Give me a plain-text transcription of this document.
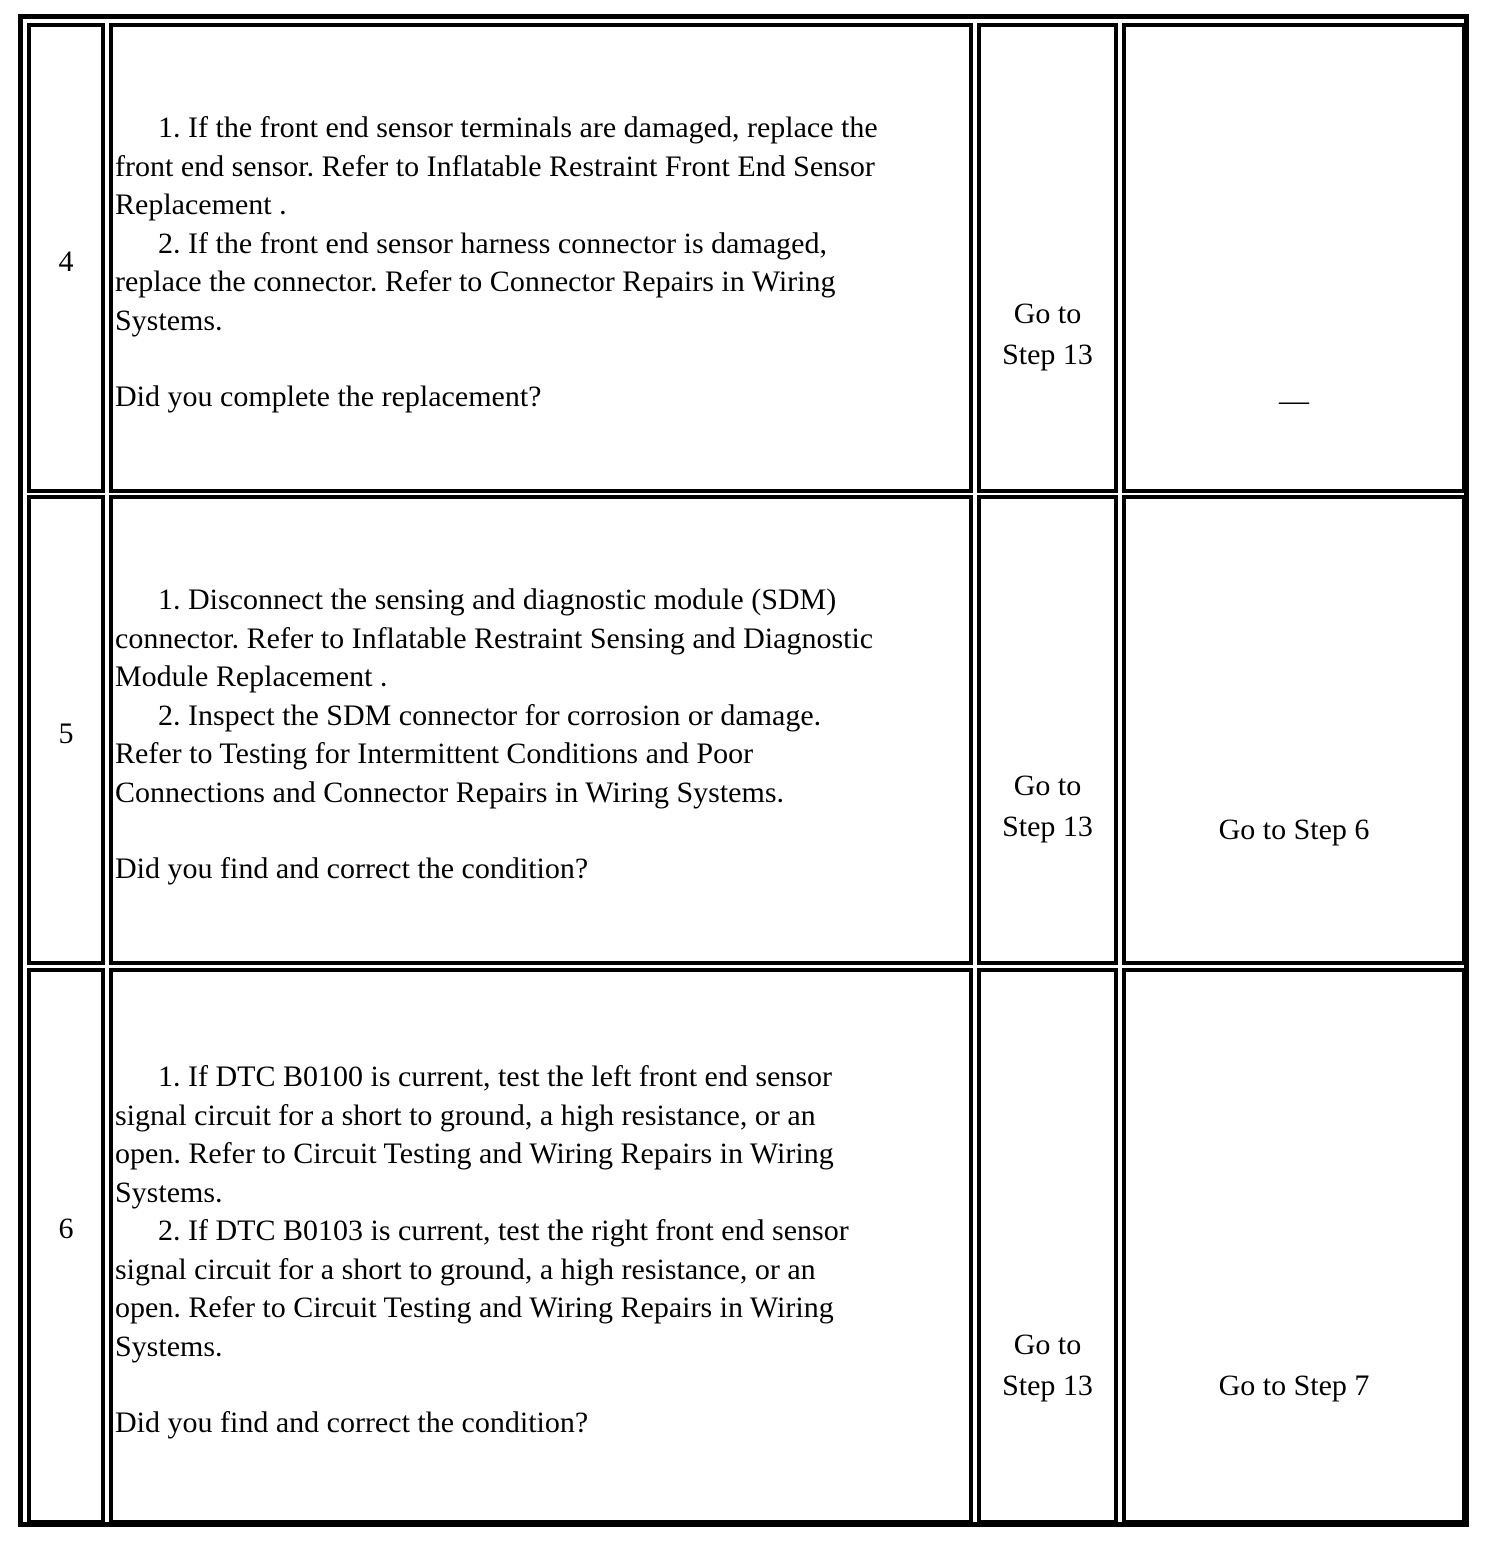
4
1. If the front end sensor terminals are damaged, replace the
front end sensor. Refer to Inflatable Restraint Front End Sensor
Replacement .
2. If the front end sensor harness connector is damaged,
replace the connector. Refer to Connector Repairs in Wiring
Systems.
Did you complete the replacement?
Go to
Step 13
—
5
1. Disconnect the sensing and diagnostic module (SDM)
connector. Refer to Inflatable Restraint Sensing and Diagnostic
Module Replacement .
2. Inspect the SDM connector for corrosion or damage.
Refer to Testing for Intermittent Conditions and Poor
Connections and Connector Repairs in Wiring Systems.
Did you find and correct the condition?
Go to
Step 13	Go to Step 6
6
1. If DTC B0100 is current, test the left front end sensor
signal circuit for a short to ground, a high resistance, or an
open. Refer to Circuit Testing and Wiring Repairs in Wiring
Systems.
2. If DTC B0103 is current, test the right front end sensor
signal circuit for a short to ground, a high resistance, or an
open. Refer to Circuit Testing and Wiring Repairs in Wiring
Systems.
Did you find and correct the condition?
Go to
Step 13	Go to Step 7
